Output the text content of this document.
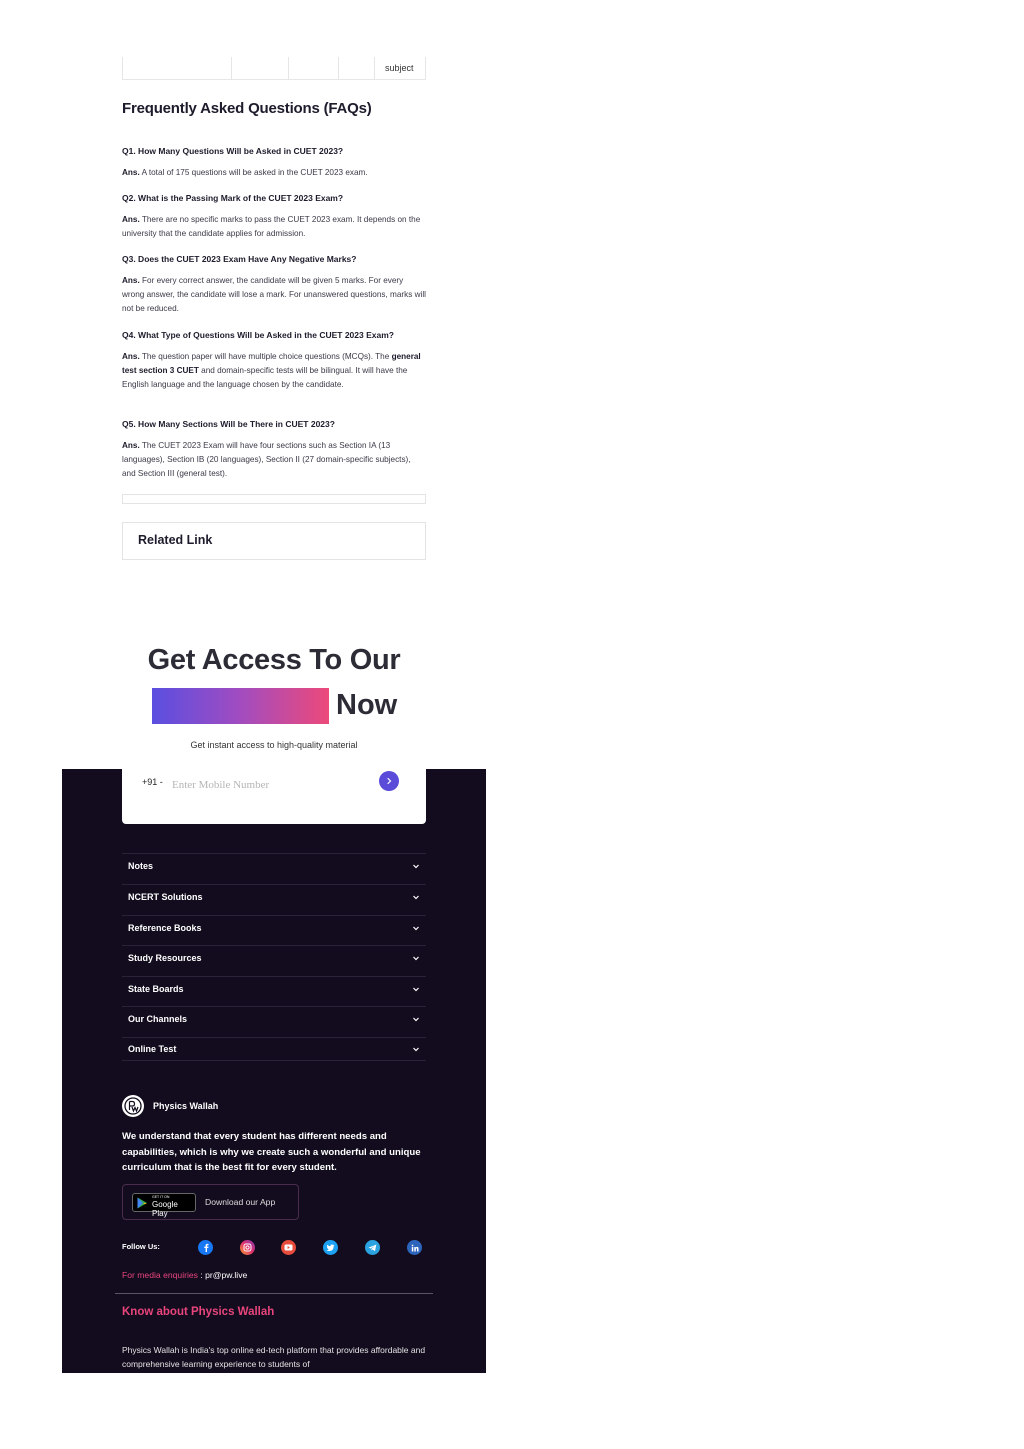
subject
Frequently Asked Questions (FAQs)

Q1. How Many Questions Will be Asked in CUET 2023?

Ans. A total of 175 questions will be asked in the CUET 2023 exam.

Q2. What is the Passing Mark of the CUET 2023 Exam?

Ans. There are no specific marks to pass the CUET 2023 exam. It depends on the university that the candidate applies for admission.

Q3. Does the CUET 2023 Exam Have Any Negative Marks?

Ans. For every correct answer, the candidate will be given 5 marks. For every wrong answer, the candidate will lose a mark. For unanswered questions, marks will not be reduced.

Q4. What Type of Questions Will be Asked in the CUET 2023 Exam?

Ans. The question paper will have multiple choice questions (MCQs). The general test section 3 CUET and domain-specific tests will be bilingual. It will have the English language and the language chosen by the candidate.

Q5. How Many Sections Will be There in CUET 2023?

Ans. The CUET 2023 Exam will have four sections such as Section IA (13 languages), Section IB (20 languages), Section II (27 domain-specific subjects), and Section III (general test).

Related Link
Get Access To Our
Now
Get instant access to high-quality material
+91 -
Enter Mobile Number
Notes
NCERT Solutions
Reference Books
Study Resources
State Boards
Our Channels
Online Test
Physics Wallah

We understand that every student has different needs and capabilities, which is why we create such a wonderful and unique curriculum that is the best fit for every student.

GET IT ON
Google Play
Download our App
Follow Us:
For media enquiries : pr@pw.live
Know about Physics Wallah

Physics Wallah is India's top online ed-tech platform that provides affordable and comprehensive learning experience to students of
